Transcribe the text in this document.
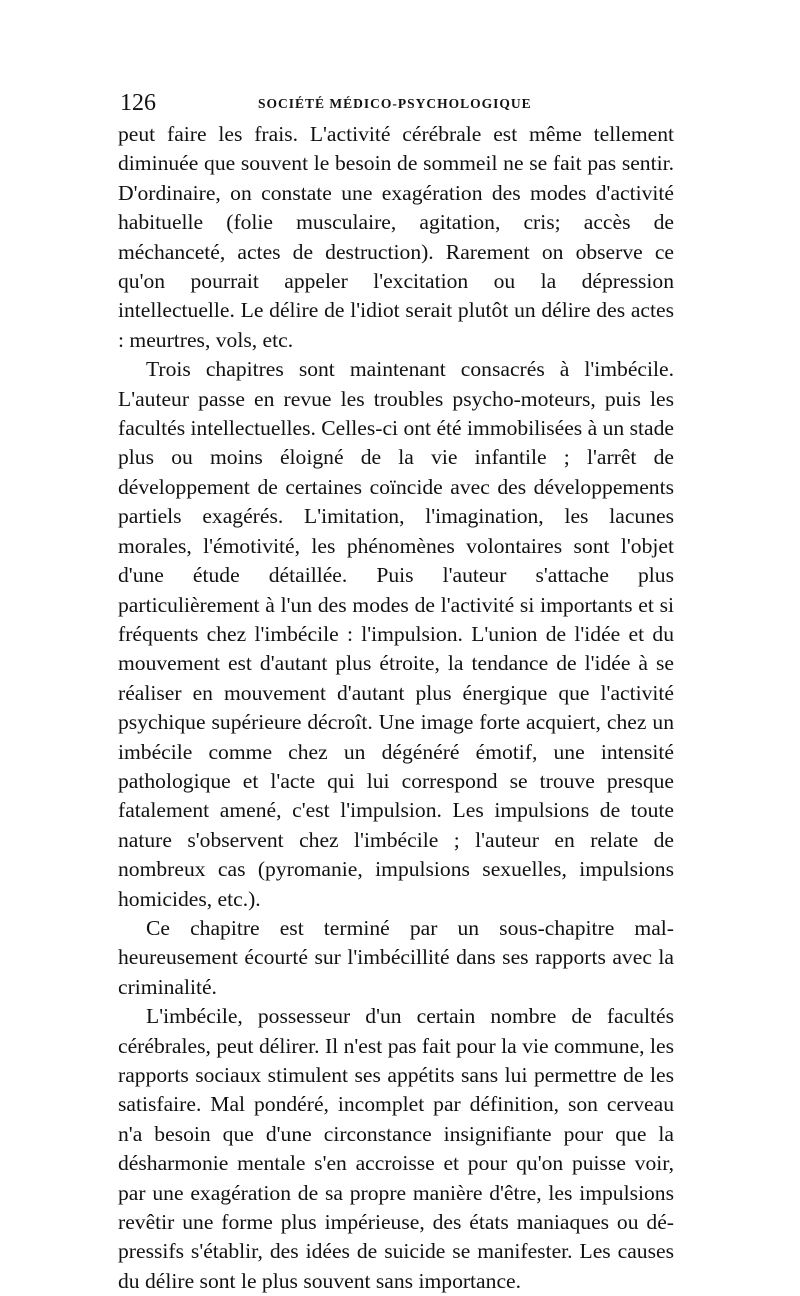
126	SOCIÉTÉ MÉDICO-PSYCHOLOGIQUE

peut faire les frais. L'activité cérébrale est même tellement diminuée que souvent le besoin de sommeil ne se fait pas sentir. D'ordinaire, on constate une exagération des modes d'activité habituelle (folie musculaire, agitation, cris; accès de méchanceté, actes de destruction). Rarement on observe ce qu'on pourrait appeler l'excitation ou la dépression intellectuelle. Le délire de l'idiot serait plutôt un délire des actes : meurtres, vols, etc.

Trois chapitres sont maintenant consacrés à l'imbécile. L'auteur passe en revue les troubles psycho-moteurs, puis les facultés intellectuelles. Celles-ci ont été immobilisées à un stade plus ou moins éloigné de la vie infantile ; l'arrêt de développement de certaines coïncide avec des développements partiels exagérés. L'imitation, l'imagination, les lacunes morales, l'émotivité, les phénomènes volontaires sont l'objet d'une étude détaillée. Puis l'auteur s'attache plus particulièrement à l'un des modes de l'activité si importants et si fréquents chez l'imbécile : l'impulsion. L'union de l'idée et du mouvement est d'autant plus étroite, la tendance de l'idée à se réaliser en mouvement d'autant plus énergique que l'activité psychique supérieure décroît. Une image forte acquiert, chez un imbécile comme chez un dégénéré émotif, une intensité pathologique et l'acte qui lui correspond se trouve presque fatalement amené, c'est l'impulsion. Les impulsions de toute nature s'observent chez l'imbécile ; l'auteur en relate de nombreux cas (pyromanie, impulsions sexuelles, impulsions homicides, etc.).

Ce chapitre est terminé par un sous-chapitre malheureusement écourté sur l'imbécillité dans ses rapports avec la criminalité.

L'imbécile, possesseur d'un certain nombre de facultés cérébrales, peut délirer. Il n'est pas fait pour la vie commune, les rapports sociaux stimulent ses appétits sans lui permettre de les satisfaire. Mal pondéré, incomplet par définition, son cerveau n'a besoin que d'une circonstance insignifiante pour que la désharmonie mentale s'en accroisse et pour qu'on puisse voir, par une exagération de sa propre manière d'être, les impulsions revêtir une forme plus impérieuse, des états maniaques ou dépressifs s'établir, des idées de suicide se manifester. Les causes du délire sont le plus souvent sans importance.
